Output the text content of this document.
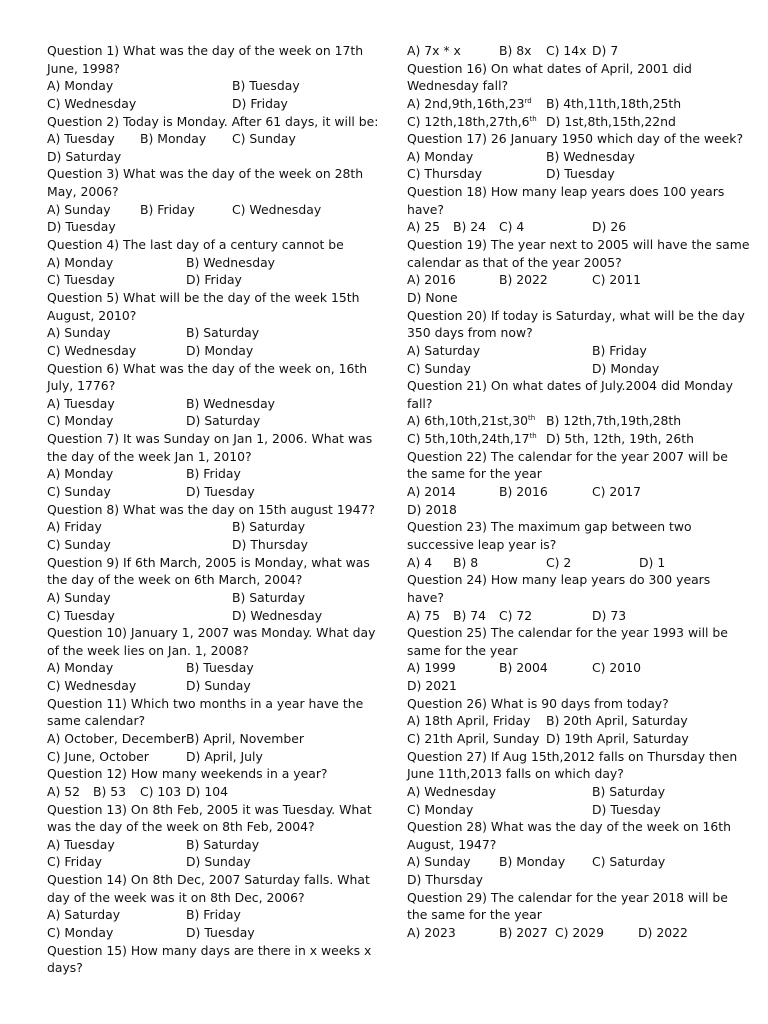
Question 1) What was the day of the week on 17th
June, 1998?
A) Monday	B) Tuesday
C) Wednesday	D) Friday
Question 2) Today is Monday. After 61 days, it will be:
A) Tuesday B) Monday C) Sunday
D) Saturday
Question 3) What was the day of the week on 28th
May, 2006?
A) Sunday B) Friday	C) Wednesday
D) Tuesday
Question 4) The last day of a century cannot be
A) Monday	B) Wednesday
C) Tuesday	D) Friday
Question 5) What will be the day of the week 15th
August, 2010?
A) Sunday	B) Saturday
C) Wednesday	D) Monday
Question 6) What was the day of the week on, 16th
July, 1776?
A) Tuesday	B) Wednesday
C) Monday	D) Saturday
Question 7) It was Sunday on Jan 1, 2006. What was
the day of the week Jan 1, 2010?
A) Monday	B) Friday
C) Sunday	D) Tuesday
Question 8) What was the day on 15th august 1947?
A) Friday	B) Saturday
C) Sunday	D) Thursday
Question 9) If 6th March, 2005 is Monday, what was
the day of the week on 6th March, 2004?
A) Sunday	B) Saturday
C) Tuesday	D) Wednesday
Question 10) January 1, 2007 was Monday. What day
of the week lies on Jan. 1, 2008?
A) Monday	B) Tuesday
C) Wednesday	D) Sunday
Question 11) Which two months in a year have the
same calendar?
A) October, December B) April, November
C) June, October	D) April, July
Question 12) How many weekends in a year?
A) 52 B) 53 C) 103 D) 104
Question 13) On 8th Feb, 2005 it was Tuesday. What
was the day of the week on 8th Feb, 2004?
A) Tuesday	B) Saturday
C) Friday	D) Sunday
Question 14) On 8th Dec, 2007 Saturday falls. What
day of the week was it on 8th Dec, 2006?
A) Saturday	B) Friday
C) Monday	D) Tuesday
Question 15) How many days are there in x weeks x
days?
A) 7x * x	B) 8x C) 14x D) 7
Question 16) On what dates of April, 2001 did
Wednesday fall?
A) 2nd,9th,16th,23rd B) 4th,11th,18th,25th
C) 12th,18th,27th,6th D) 1st,8th,15th,22nd
Question 17) 26 January 1950 which day of the week?
A) Monday	B) Wednesday
C) Thursday	D) Tuesday
Question 18) How many leap years does 100 years
have?
A) 25 B) 24 C) 4	D) 26
Question 19) The year next to 2005 will have the same
calendar as that of the year 2005?
A) 2016	B) 2022	C) 2011
D) None
Question 20) If today is Saturday, what will be the day
350 days from now?
A) Saturday	B) Friday
C) Sunday	D) Monday
Question 21) On what dates of July.2004 did Monday
fall?
A) 6th,10th,21st,30th B) 12th,7th,19th,28th
C) 5th,10th,24th,17th D) 5th, 12th, 19th, 26th
Question 22) The calendar for the year 2007 will be
the same for the year
A) 2014	B) 2016	C) 2017
D) 2018
Question 23) The maximum gap between two
successive leap year is?
A) 4 B) 8	C) 2	D) 1
Question 24) How many leap years do 300 years
have?
A) 75 B) 74 C) 72	D) 73
Question 25) The calendar for the year 1993 will be
same for the year
A) 1999	B) 2004	C) 2010
D) 2021
Question 26) What is 90 days from today?
A) 18th April, Friday B) 20th April, Saturday
C) 21th April, Sunday D) 19th April, Saturday
Question 27) If Aug 15th,2012 falls on Thursday then
June 11th,2013 falls on which day?
A) Wednesday	B) Saturday
C) Monday	D) Tuesday
Question 28) What was the day of the week on 16th
August, 1947?
A) Sunday B) Monday C) Saturday
D) Thursday
Question 29) The calendar for the year 2018 will be
the same for the year
A) 2023	B) 2027 C) 2029	D) 2022
